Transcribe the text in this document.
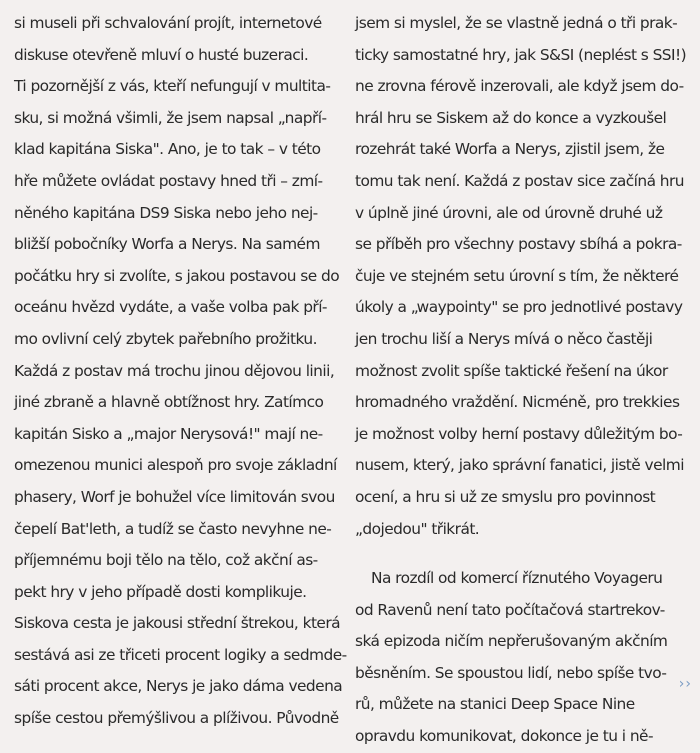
si museli při schvalování projít, internetové
diskuse otevřeně mluví o husté buzeraci.
Ti pozornější z vás, kteří nefungují v multita-
sku, si možná všimli, že jsem napsal „napří-
klad kapitána Siska". Ano, je to tak – v této
hře můžete ovládat postavy hned tři – zmí-
něného kapitána DS9 Siska nebo jeho nej-
bližší pobočníky Worfa a Nerys. Na samém
počátku hry si zvolíte, s jakou postavou se do
oceánu hvězd vydáte, a vaše volba pak pří-
mo ovlivní celý zbytek pařebního prožitku.
Každá z postav má trochu jinou dějovou linii,
jiné zbraně a hlavně obtížnost hry. Zatímco
kapitán Sisko a „major Nerysová!" mají ne-
omezenou munici alespoň pro svoje základní
phasery, Worf je bohužel více limitován svou
čepelí Bat'leth, a tudíž se často nevyhne ne-
příjemnému boji tělo na tělo, což akční as-
pekt hry v jeho případě dosti komplikuje.
Siskova cesta je jakousi střední štrekou, která
sestává asi ze třiceti procent logiky a sedmde-
sáti procent akce, Nerys je jako dáma vedena
spíše cestou přemýšlivou a plíživou. Původně
jsem si myslel, že se vlastně jedná o tři prak-
ticky samostatné hry, jak S&SI (neplést s SSI!)
ne zrovna férově inzerovali, ale když jsem do-
hrál hru se Siskem až do konce a vyzkoušel
rozehrát také Worfa a Nerys, zjistil jsem, že
tomu tak není. Každá z postav sice začíná hru
v úplně jiné úrovni, ale od úrovně druhé už
se příběh pro všechny postavy sbíhá a pokra-
čuje ve stejném setu úrovní s tím, že některé
úkoly a „waypointy" se pro jednotlivé postavy
jen trochu liší a Nerys mívá o něco častěji
možnost zvolit spíše taktické řešení na úkor
hromadného vraždění. Nicméně, pro trekkies
je možnost volby herní postavy důležitým bo-
nusem, který, jako správní fanatici, jistě velmi
ocení, a hru si už ze smyslu pro povinnost
„dojedou" třikrát.
Na rozdíl od komercí říznutého Voyageru
od Ravenů není tato počítačová startrekov-
ská epizoda ničím nepřerušovaným akčním
běsněním. Se spoustou lidí, nebo spíše tvo-
rů, můžete na stanici Deep Space Nine
opravdu komunikovat, dokonce je tu i ně-
››
